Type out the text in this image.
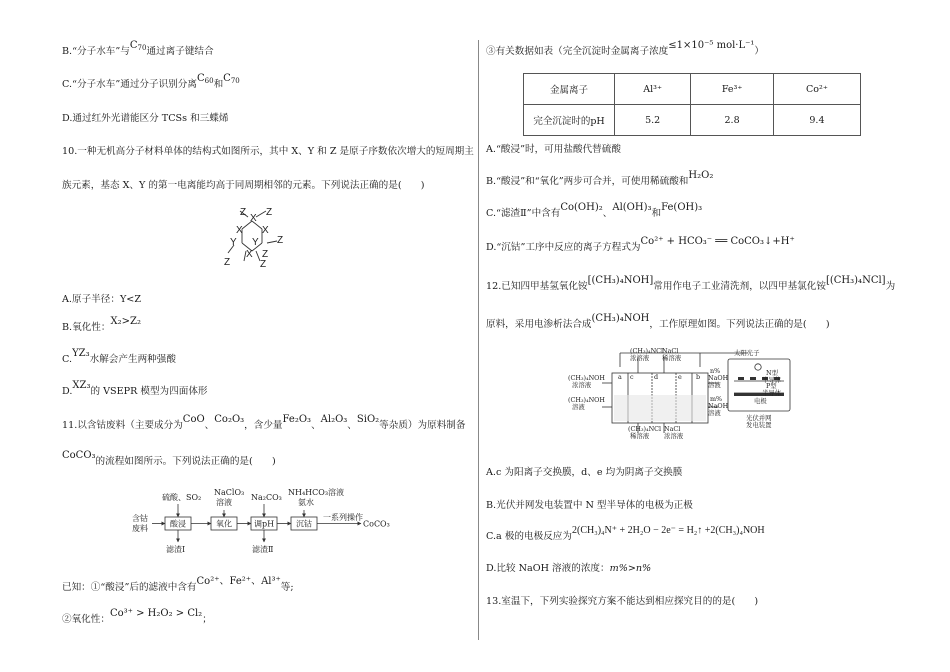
B.“分子水车”与$C_{70}$通过离子键结合
C.“分子水车”通过分子识别分离$C_{60}$和$C_{70}$
D.通过红外光谱能区分 TCSs 和三蝶烯
10.一种无机高分子材料单体的结构式如图所示，其中 X、Y 和 Z 是原子序数依次增大的短周期主
族元素，基态 X、Y 的第一电离能均高于同周期相邻的元素。下列说法正确的是(　　)
Z Z
X
X X
Y Y Z
X Z
Z	Z
A.原子半径：Y<Z
B.氧化性：X₂>Z₂
C.YZ₃水解会产生两种强酸
D.XZ₃的 VSEPR 模型为四面体形
11.以含钴废料（主要成分为CoO、Co₂O₃，含少量Fe₂O₃、Al₂O₃、SiO₂等杂质）为原料制备
CoCO₃的流程如图所示。下列说法正确的是(　　)
硫酸、SO₂
NaClO₃
溶液
Na₂CO₃
NH₄HCO₃溶液
氨水
含钴
废料	酸浸	氧化	调pH	沉钴
一系列操作
CoCO₃
滤渣Ⅰ	滤渣Ⅱ
已知：①“酸浸”后的滤液中含有Co²⁺、Fe²⁺、Al³⁺等;
②氧化性：Co³⁺ > H₂O₂ > Cl₂；
③有关数据如表（完全沉淀时金属离子浓度≤1×10⁻⁵ mol·L⁻¹）
金属离子	Al³⁺	Fe³⁺	Co²⁺
完全沉淀时的pH	5.2	2.8	9.4
A.“酸浸”时，可用盐酸代替硫酸
B.“酸浸”和“氧化”两步可合并，可使用稀硫酸和H₂O₂
C.“滤渣Ⅱ”中含有Co(OH)₂、Al(OH)₃和Fe(OH)₃
D.“沉钴”工序中反应的离子方程式为Co²⁺ + HCO₃⁻ ══ CoCO₃↓+H⁺
12.已知四甲基氢氧化铵[(CH₃)₄NOH]常用作电子工业清洗剂，以四甲基氯化铵[(CH₃)₄NCl]为
原料，采用电渗析法合成(CH₃)₄NOH，工作原理如图。下列说法正确的是(　　)
(CH₃)₄NCl
浓溶液
NaCl
稀溶液
(CH₃)₄NOH
浓溶液
(CH₃)₄NOH
溶液
n%
NaOH
溶液
m%
NaOH
溶液
(CH₃)₄NCl
稀溶液
NaCl
浓溶液
a c	d	e b
太阳光子
N型
半导体
P型
半导体
电极
光伏并网
发电装置
A.c 为阳离子交换膜，d、e 均为阴离子交换膜
B.光伏并网发电装置中 N 型半导体的电极为正极
C.a 极的电极反应为2(CH₃)₄N⁺ + 2H₂O − 2e⁻ = H₂↑ +2(CH₃)₄NOH
D.比较 NaOH 溶液的浓度：m%>n%
13.室温下，下列实验探究方案不能达到相应探究目的的是(　　)
